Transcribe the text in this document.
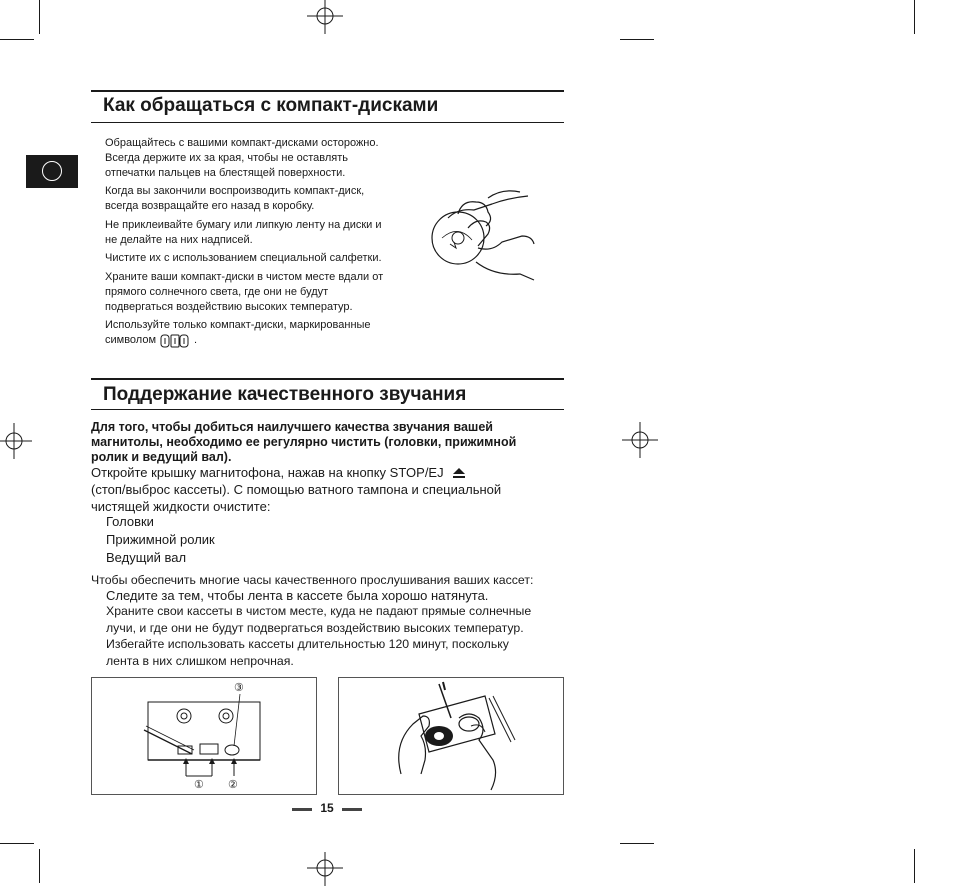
Как обращаться с компакт-дисками
Обращайтесь с вашими компакт-дисками осторожно.
Всегда держите их за края, чтобы не оставлять
отпечатки пальцев на блестящей поверхности.
Когда вы закончили воспроизводить компакт-диск,
всегда возвращайте его назад в коробку.
Не приклеивайте бумагу или липкую ленту на диски и
не делайте на них надписей.
Чистите их с использованием специальной салфетки.
Храните ваши компакт-диски в чистом месте вдали от
прямого солнечного света, где они не будут
подвергаться воздействию высоких температур.
Используйте только компакт-диски, маркированные
символом	.
Поддержание качественного звучания
Для того, чтобы добиться наилучшего качества звучания вашей
магнитолы, необходимо ее регулярно чистить (головки, прижимной
ролик и ведущий вал).
Откройте крышку магнитофона, нажав на кнопку STOP/EJ
(стоп/выброс кассеты). С помощью ватного тампона и специальной
чистящей жидкости очистите:
Головки
Прижимной ролик
Ведущий вал
Чтобы обеспечить многие часы качественного прослушивания ваших кассет:
Следите за тем, чтобы лента в кассете была хорошо натянута.
Храните свои кассеты в чистом месте, куда не падают прямые солнечные
лучи, и где они не будут подвергаться воздействию высоких температур.
Избегайте использовать кассеты длительностью 120 минут, поскольку
лента в них слишком непрочная.
③
① ②
15
